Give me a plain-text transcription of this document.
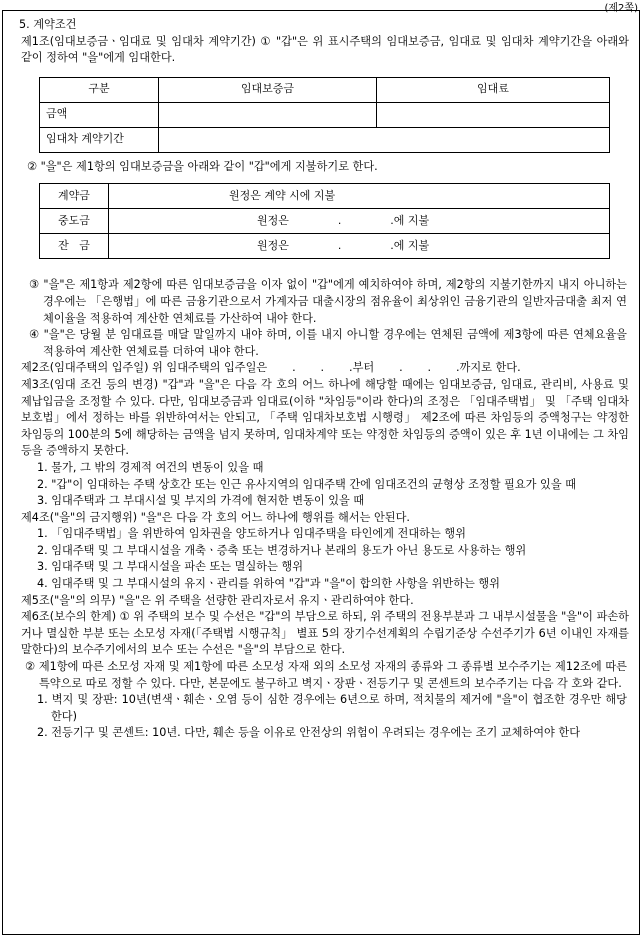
(제2쪽)

5. 계약조건

제1조(임대보증금ㆍ임대료 및 임대차 계약기간) ① "갑"은 위 표시주택의 임대보증금, 임대료 및 임대차 계약기간을 아래와 같이 정하여 "을"에게 임대한다.

구분	임대보증금	임대료
금액		
임대차 계약기간		

② "을"은 제1항의 임대보증금을 아래와 같이 "갑"에게 지불하기로 한다.

계약금	원정은 계약 시에 지불
중도금	원정은              .              .에 지불
잔   금	원정은              .              .에 지불

③ "을"은 제1항과 제2항에 따른 임대보증금을 이자 없이 "갑"에게 예치하여야 하며, 제2항의 지불기한까지 내지 아니하는 경우에는 「은행법」에 따른 금융기관으로서 가계자금 대출시장의 점유율이 최상위인 금융기관의 일반자금대출 최저 연체이율을 적용하여 계산한 연체료를 가산하여 내야 한다.

④ "을"은 당월 분 임대료를 매달 말일까지 내야 하며, 이를 내지 아니할 경우에는 연체된 금액에 제3항에 따른 연체요율을 적용하여 계산한 연체료를 더하여 내야 한다.

제2조(임대주택의 입주일) 위 임대주택의 입주일은       .       .       .부터       .       .       .까지로 한다.

제3조(임대 조건 등의 변경) "갑"과 "을"은 다음 각 호의 어느 하나에 해당할 때에는 임대보증금, 임대료, 관리비, 사용료 및 제납입금을 조정할 수 있다. 다만, 임대보증금과 임대료(이하 "차임등"이라 한다)의 조정은 「임대주택법」 및 「주택 임대차보호법」에서 정하는 바를 위반하여서는 안되고, 「주택 임대차보호법 시행령」 제2조에 따른 차임등의 증액청구는 약정한 차임등의 100분의 5에 해당하는 금액을 넘지 못하며, 임대차계약 또는 약정한 차임등의 증액이 있은 후 1년 이내에는 그 차임등을 증액하지 못한다.

1. 물가, 그 밖의 경제적 여건의 변동이 있을 때

2. "갑"이 임대하는 주택 상호간 또는 인근 유사지역의 임대주택 간에 임대조건의 균형상 조정할 필요가 있을 때

3. 임대주택과 그 부대시설 및 부지의 가격에 현저한 변동이 있을 때

제4조("을"의 금지행위) "을"은 다음 각 호의 어느 하나에 행위를 해서는 안된다.

1. 「임대주택법」을 위반하여 임차권을 양도하거나 임대주택을 타인에게 전대하는 행위

2. 임대주택 및 그 부대시설을 개축ㆍ증축 또는 변경하거나 본래의 용도가 아닌 용도로 사용하는 행위

3. 임대주택 및 그 부대시설을 파손 또는 멸실하는 행위

4. 임대주택 및 그 부대시설의 유지ㆍ관리를 위하여 "갑"과 "을"이 합의한 사항을 위반하는 행위

제5조("을"의 의무) "을"은 위 주택을 선량한 관리자로서 유지ㆍ관리하여야 한다.

제6조(보수의 한계) ① 위 주택의 보수 및 수선은 "갑"의 부담으로 하되, 위 주택의 전용부분과 그 내부시설물을 "을"이 파손하거나 멸실한 부분 또는 소모성 자재(「주택법 시행규칙」 별표 5의 장기수선계획의 수립기준상 수선주기가 6년 이내인 자재를 말한다)의 보수주기에서의 보수 또는 수선은 "을"의 부담으로 한다.

② 제1항에 따른 소모성 자재 및 제1항에 따른 소모성 자재 외의 소모성 자재의 종류와 그 종류별 보수주기는 제12조에 따른 특약으로 따로 정할 수 있다. 다만, 본문에도 불구하고 벽지ㆍ장판ㆍ전등기구 및 콘센트의 보수주기는 다음 각 호와 같다.

1. 벽지 및 장판: 10년(변색ㆍ훼손ㆍ오염 등이 심한 경우에는 6년으로 하며, 적치물의 제거에 "을"이 협조한 경우만 해당한다)

2. 전등기구 및 콘센트: 10년. 다만, 훼손 등을 이유로 안전상의 위험이 우려되는 경우에는 조기 교체하여야 한다
